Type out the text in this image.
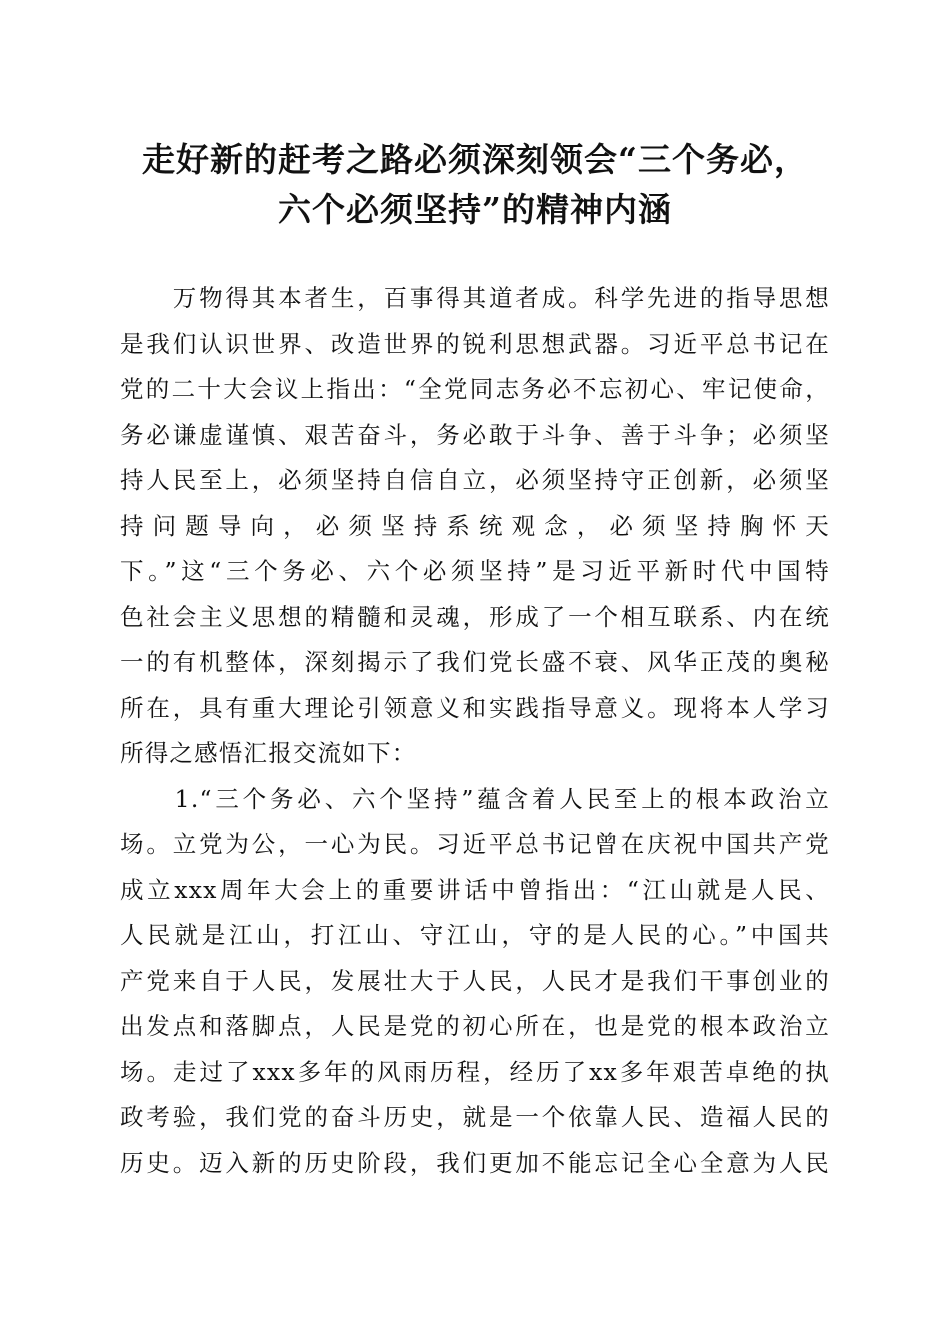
走好新的赶考之路必须深刻领会“三个务必，
六个必须坚持”的精神内涵
　　万物得其本者生，百事得其道者成。科学先进的指导思想
是我们认识世界、改造世界的锐利思想武器。习近平总书记在
党的二十大会议上指出：“全党同志务必不忘初心、牢记使命，
务必谦虚谨慎、艰苦奋斗，务必敢于斗争、善于斗争；必须坚
持人民至上，必须坚持自信自立，必须坚持守正创新，必须坚
持问题导向，必须坚持系统观念，必须坚持胸怀天
下。”这“三个务必、六个必须坚持”是习近平新时代中国特
色社会主义思想的精髓和灵魂，形成了一个相互联系、内在统
一的有机整体，深刻揭示了我们党长盛不衰、风华正茂的奥秘
所在，具有重大理论引领意义和实践指导意义。现将本人学习
所得之感悟汇报交流如下：
　　1.“三个务必、六个坚持”蕴含着人民至上的根本政治立
场。立党为公，一心为民。习近平总书记曾在庆祝中国共产党
成立xxx周年大会上的重要讲话中曾指出：“江山就是人民、
人民就是江山，打江山、守江山，守的是人民的心。”中国共
产党来自于人民，发展壮大于人民，人民才是我们干事创业的
出发点和落脚点，人民是党的初心所在，也是党的根本政治立
场。走过了xxx多年的风雨历程，经历了xx多年艰苦卓绝的执
政考验，我们党的奋斗历史，就是一个依靠人民、造福人民的
历史。迈入新的历史阶段，我们更加不能忘记全心全意为人民
